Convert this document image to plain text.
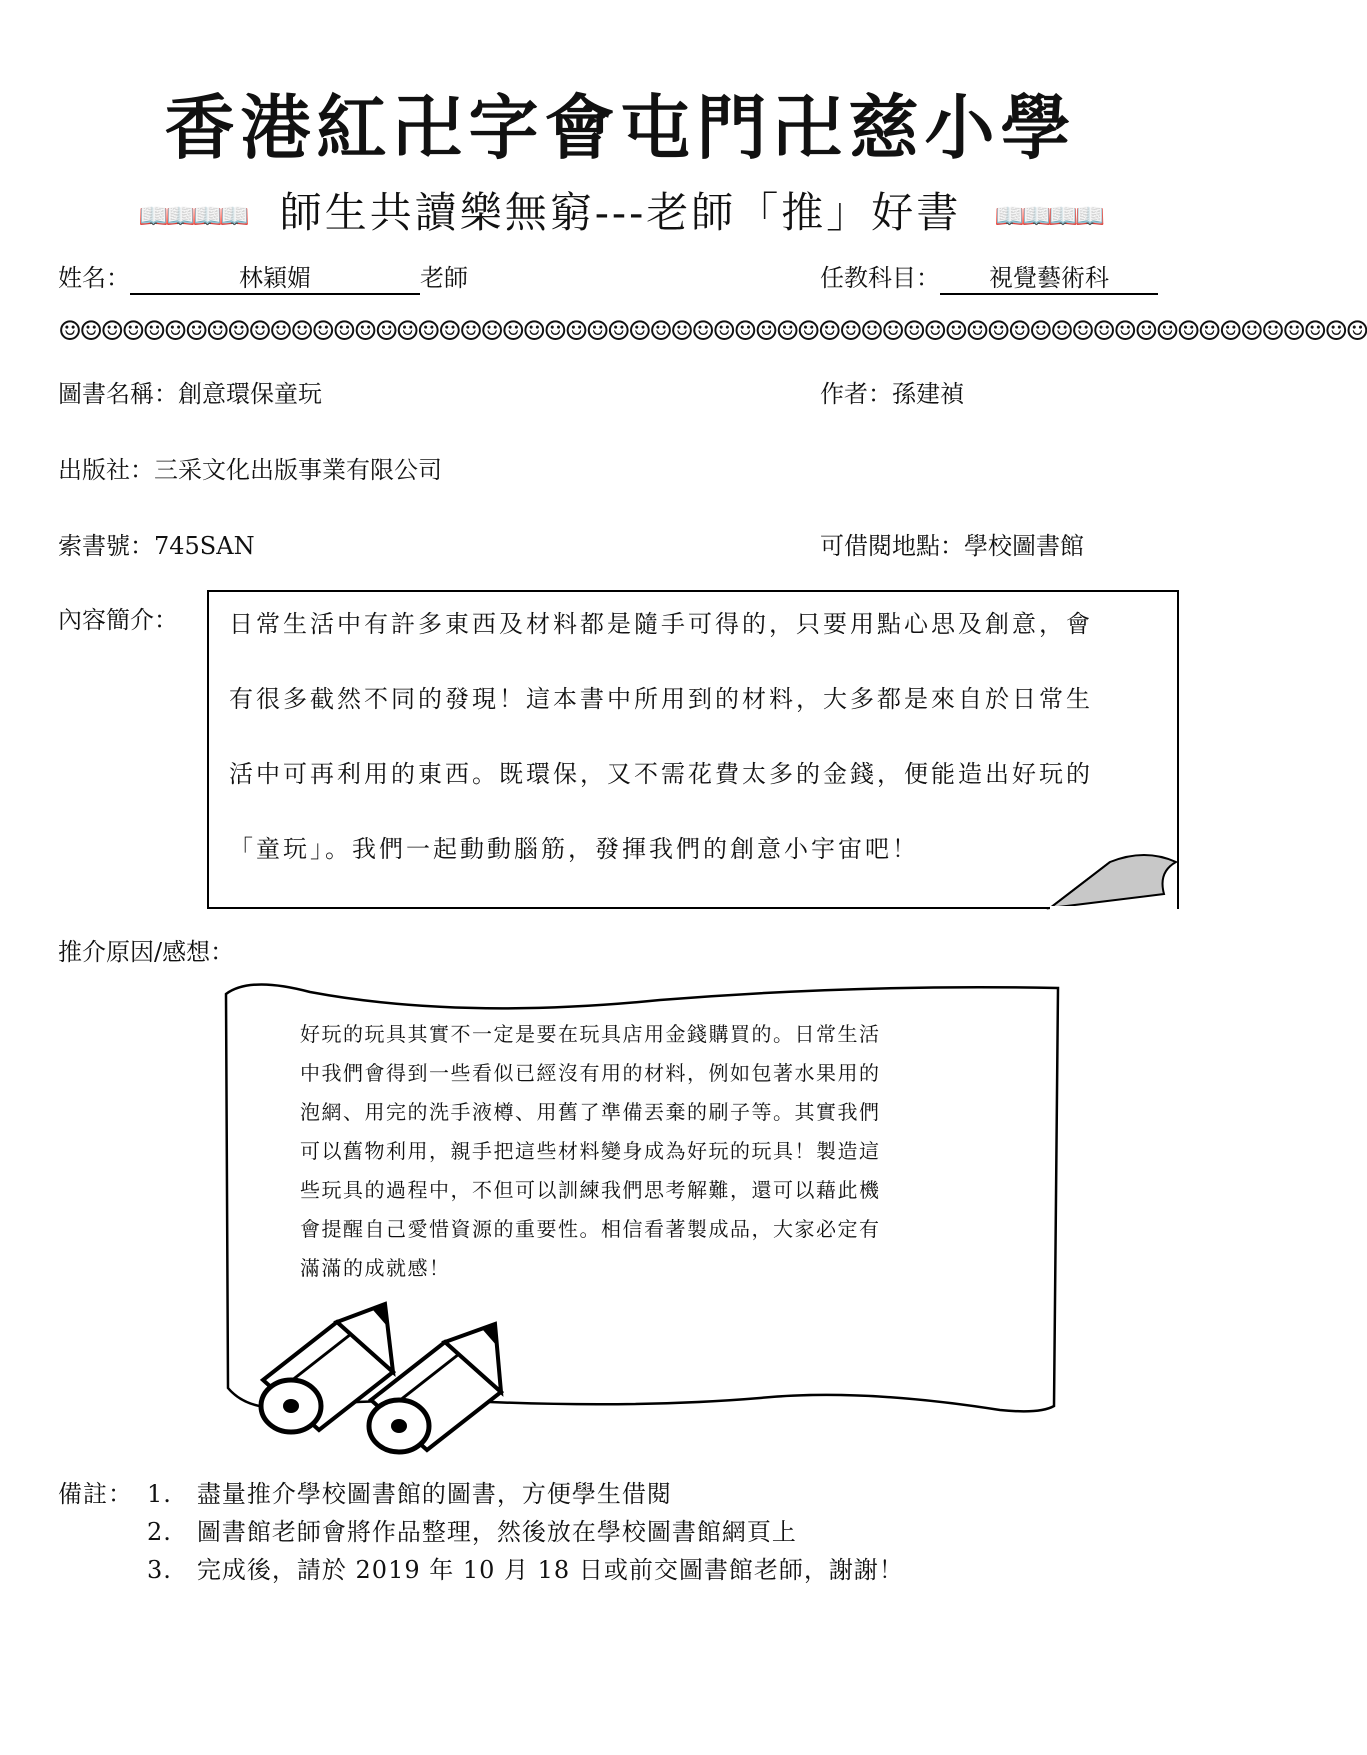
香港紅卍字會屯門卍慈小學
📖📖📖📖 師生共讀樂無窮---老師「推」好書 📖📖📖📖
姓名：	林穎媚	老師	任教科目： 視覺藝術科
☺☺☺☺☺☺☺☺☺☺☺☺☺☺☺☺☺☺☺☺☺☺☺☺☺☺☺☺☺☺☺☺☺☺☺☺☺☺☺☺☺☺☺☺☺☺☺☺☺☺☺☺☺☺☺☺☺☺☺☺☺☺
圖書名稱：創意環保童玩	作者：孫建禎
出版社：三采文化出版事業有限公司
索書號：745SAN	可借閱地點：學校圖書館
內容簡介： 日常生活中有許多東西及材料都是隨手可得的，只要用點心思及創意，會
有很多截然不同的發現！這本書中所用到的材料，大多都是來自於日常生
活中可再利用的東西。既環保，又不需花費太多的金錢，便能造出好玩的
「童玩」。我們一起動動腦筋，發揮我們的創意小宇宙吧！
推介原因/感想：
好玩的玩具其實不一定是要在玩具店用金錢購買的。日常生活
中我們會得到一些看似已經沒有用的材料，例如包著水果用的
泡網、用完的洗手液樽、用舊了準備丟棄的刷子等。其實我們
可以舊物利用，親手把這些材料變身成為好玩的玩具！製造這
些玩具的過程中，不但可以訓練我們思考解難，還可以藉此機
會提醒自己愛惜資源的重要性。相信看著製成品，大家必定有
滿滿的成就感！
備註： 1.　盡量推介學校圖書館的圖書，方便學生借閱
2.　圖書館老師會將作品整理，然後放在學校圖書館網頁上
3.　完成後，請於 2019 年 10 月 18 日或前交圖書館老師，謝謝！
